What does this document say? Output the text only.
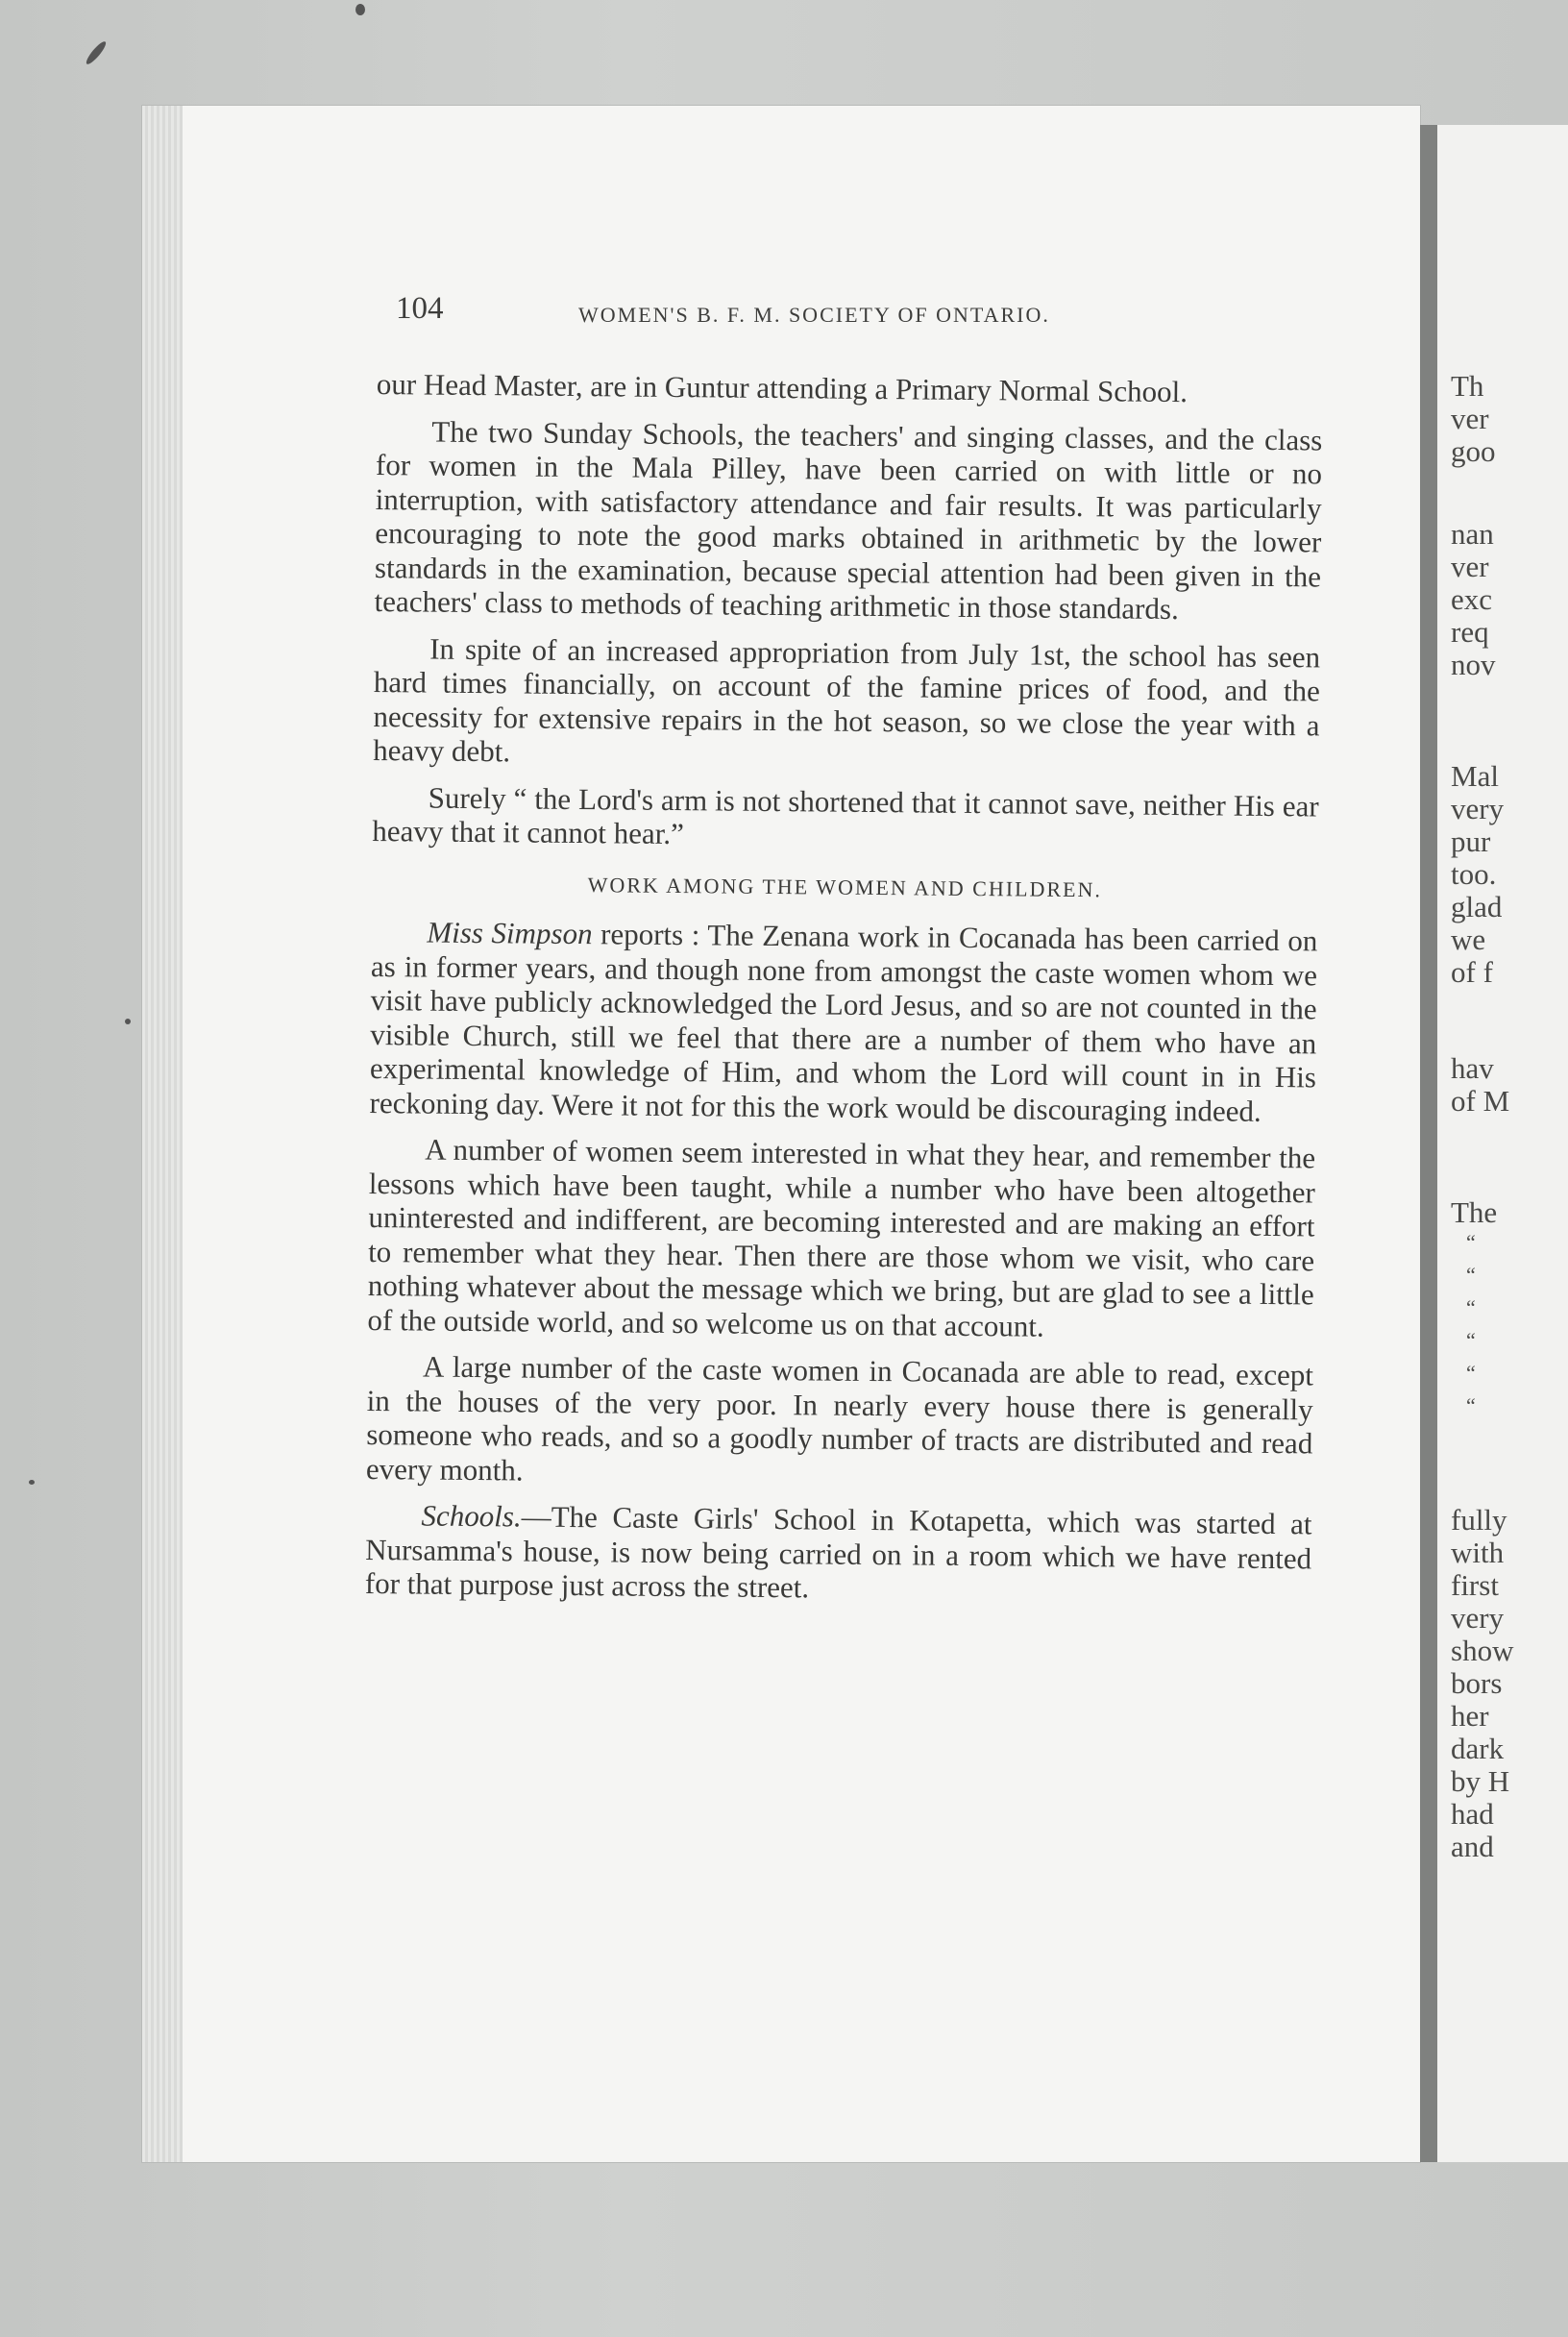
Th
ver
goo
nan
ver
exc
req
nov
Mal
very
pur
too.
glad
we
of f
hav
of M
The
“
“
“
“
“
“
fully
with
first
very
show
bors
her
dark
by H
had
and
104	WOMEN'S B. F. M. SOCIETY OF ONTARIO.

our Head Master, are in Guntur attending a Primary Normal School.

The two Sunday Schools, the teachers' and singing classes, and the class for women in the Mala Pilley, have been carried on with little or no interruption, with satisfactory attendance and fair results. It was particularly encouraging to note the good marks obtained in arithmetic by the lower standards in the examination, because special attention had been given in the teachers' class to methods of teaching arithmetic in those standards.

In spite of an increased appropriation from July 1st, the school has seen hard times financially, on account of the famine prices of food, and the necessity for extensive repairs in the hot season, so we close the year with a heavy debt.

Surely “ the Lord's arm is not shortened that it cannot save, neither His ear heavy that it cannot hear.”

WORK AMONG THE WOMEN AND CHILDREN.

Miss Simpson reports : The Zenana work in Cocanada has been carried on as in former years, and though none from amongst the caste women whom we visit have publicly acknowledged the Lord Jesus, and so are not counted in the visible Church, still we feel that there are a number of them who have an experimental knowledge of Him, and whom the Lord will count in in His reckoning day. Were it not for this the work would be discouraging indeed.

A number of women seem interested in what they hear, and remember the lessons which have been taught, while a number who have been altogether uninterested and indifferent, are becoming interested and are making an effort to remember what they hear. Then there are those whom we visit, who care nothing whatever about the message which we bring, but are glad to see a little of the outside world, and so welcome us on that account.

A large number of the caste women in Cocanada are able to read, except in the houses of the very poor. In nearly every house there is generally someone who reads, and so a goodly number of tracts are distributed and read every month.

Schools.—The Caste Girls' School in Kotapetta, which was started at Nursamma's house, is now being carried on in a room which we have rented for that purpose just across the street.
